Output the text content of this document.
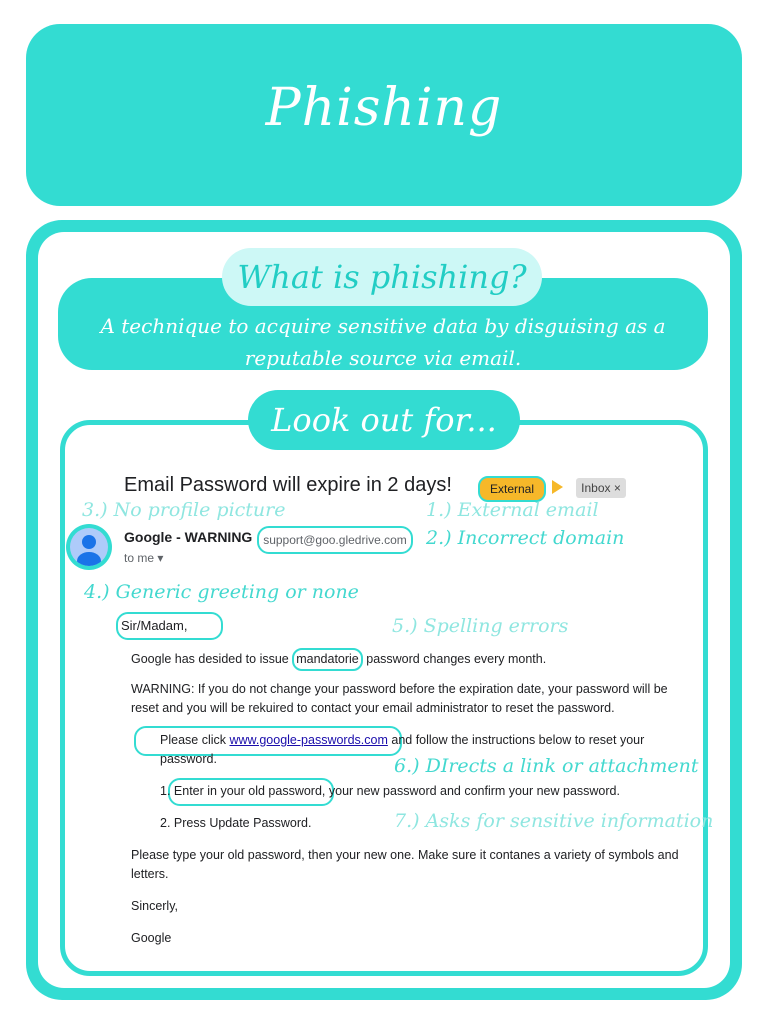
Phishing
What is phishing?
A technique to acquire sensitive data by disguising as a reputable source via email.
Look out for...
Email Password will expire in 2 days!	External	Inbox ×
3.) No profile picture	1.) External email
2.) Incorrect domain
Google - WARNING support@goo.gledrive.com
to me ▾
4.) Generic greeting or none
Sir/Madam,	5.) Spelling errors
Google has desided to issue mandatorie password changes every month.
WARNING: If you do not change your password before the expiration date, your password will be
reset and you will be rekuired to contact your email administrator to reset the password.
Please click www.google-passwords.com and follow the instructions below to reset your
password.	6.) DIrects a link or attachment
1. Enter in your old password, your new password and confirm your new password.
2. Press Update Password.	7.) Asks for sensitive information
Please type your old password, then your new one. Make sure it contanes a variety of symbols and
letters.
Sincerly,
Google
